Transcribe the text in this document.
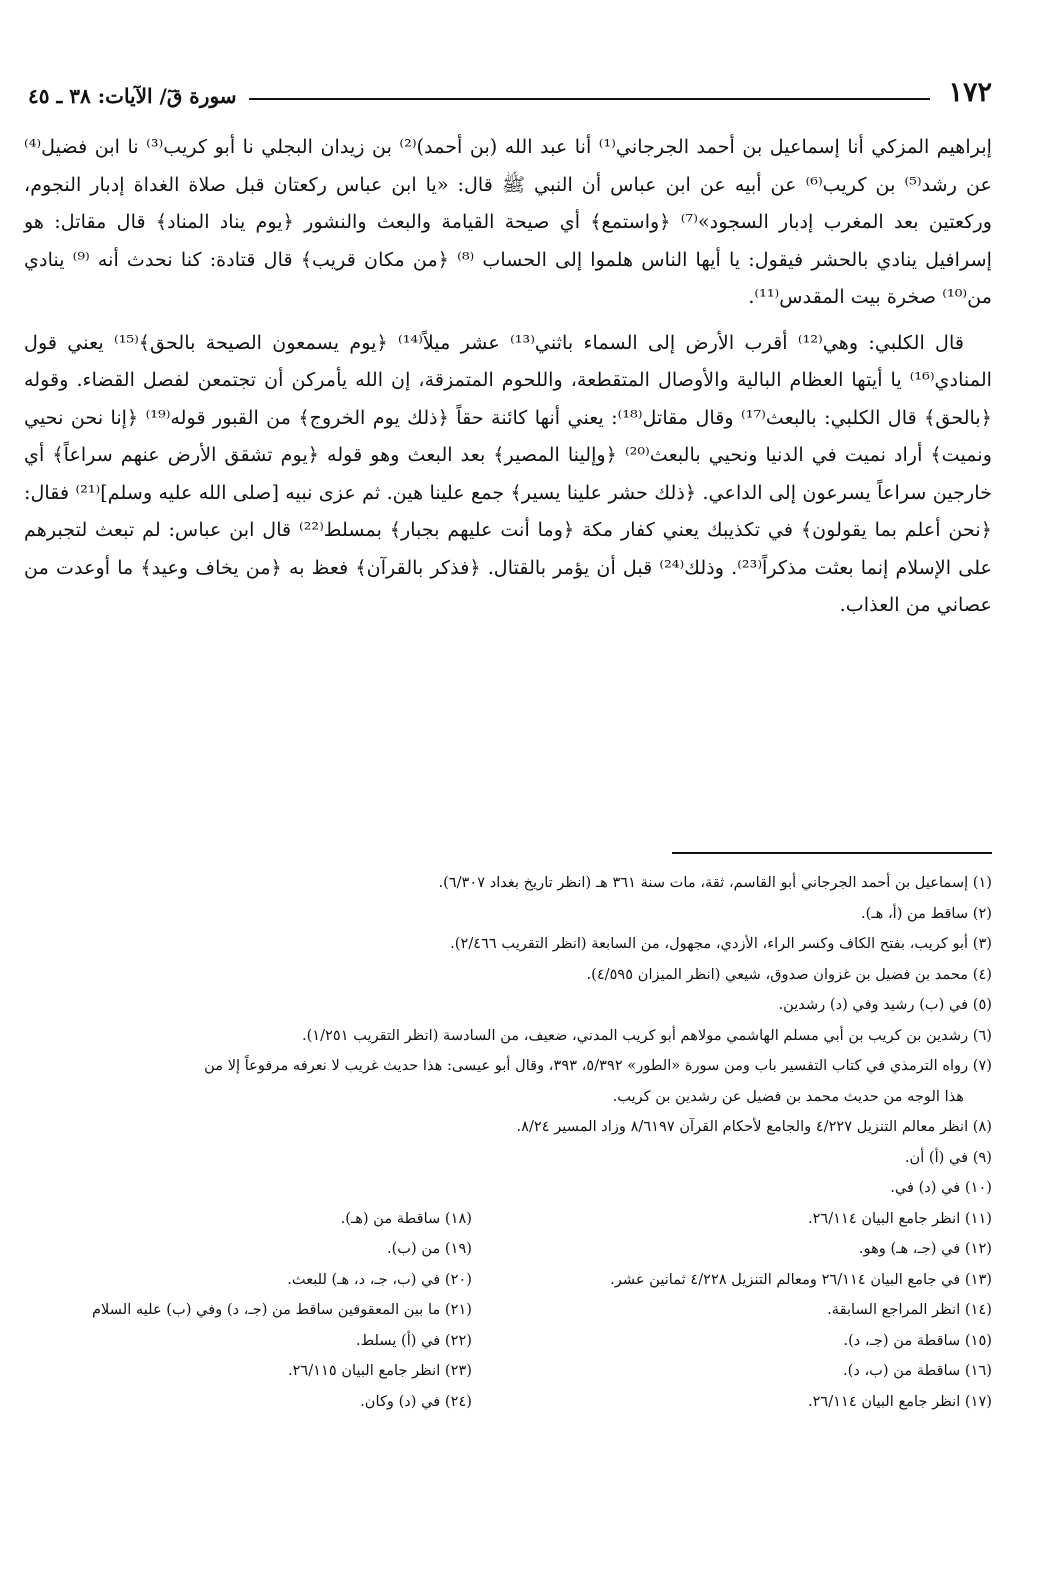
١٧٢
سورة قٓ/ الآيات: ٣٨ ـ ٤٥

إبراهيم المزكي أنا إسماعيل بن أحمد الجرجاني⁽¹⁾ أنا عبد الله (بن أحمد)⁽²⁾ بن زيدان البجلي نا أبو كريب⁽³⁾ نا ابن فضيل⁽⁴⁾ عن رشد⁽⁵⁾ بن كريب⁽⁶⁾ عن أبيه عن ابن عباس أن النبي ﷺ قال: «يا ابن عباس ركعتان قبل صلاة الغداة إدبار النجوم، وركعتين بعد المغرب إدبار السجود»⁽⁷⁾ ﴿واستمع﴾ أي صيحة القيامة والبعث والنشور ﴿يوم يناد المناد﴾ قال مقاتل: هو إسرافيل ينادي بالحشر فيقول: يا أيها الناس هلموا إلى الحساب ⁽⁸⁾ ﴿من مكان قريب﴾ قال قتادة: كنا نحدث أنه ⁽⁹⁾ ينادي من⁽¹⁰⁾ صخرة بيت المقدس⁽¹¹⁾.

قال الكلبي: وهي⁽¹²⁾ أقرب الأرض إلى السماء باثني⁽¹³⁾ عشر ميلاً⁽¹⁴⁾ ﴿يوم يسمعون الصيحة بالحق﴾⁽¹⁵⁾ يعني قول المنادي⁽¹⁶⁾ يا أيتها العظام البالية والأوصال المتقطعة، واللحوم المتمزقة، إن الله يأمركن أن تجتمعن لفصل القضاء. وقوله ﴿بالحق﴾ قال الكلبي: بالبعث⁽¹⁷⁾ وقال مقاتل⁽¹⁸⁾: يعني أنها كائنة حقاً ﴿ذلك يوم الخروج﴾ من القبور قوله⁽¹⁹⁾ ﴿إنا نحن نحيي ونميت﴾ أراد نميت في الدنيا ونحيي بالبعث⁽²⁰⁾ ﴿وإلينا المصير﴾ بعد البعث وهو قوله ﴿يوم تشقق الأرض عنهم سراعاً﴾ أي خارجين سراعاً يسرعون إلى الداعي. ﴿ذلك حشر علينا يسير﴾ جمع علينا هين. ثم عزى نبيه [صلى الله عليه وسلم]⁽²¹⁾ فقال: ﴿نحن أعلم بما يقولون﴾ في تكذيبك يعني كفار مكة ﴿وما أنت عليهم بجبار﴾ بمسلط⁽²²⁾ قال ابن عباس: لم تبعث لتجبرهم على الإسلام إنما بعثت مذكراً⁽²³⁾. وذلك⁽²⁴⁾ قبل أن يؤمر بالقتال. ﴿فذكر بالقرآن﴾ فعظ به ﴿من يخاف وعيد﴾ ما أوعدت من عصاني من العذاب.

(١) إسماعيل بن أحمد الجرجاني أبو القاسم، ثقة، مات سنة ٣٦١ هـ (انظر تاريخ بغداد ٦/٣٠٧).
(٢) ساقط من (أ، هـ).
(٣) أبو كريب، بفتح الكاف وكسر الراء، الأزدي، مجهول، من السابعة (انظر التقريب ٢/٤٦٦).
(٤) محمد بن فضيل بن غزوان صدوق، شيعي (انظر الميزان ٤/٥٩٥).
(٥) في (ب) رشيد وفي (د) رشدين.
(٦) رشدين بن كريب بن أبي مسلم الهاشمي مولاهم أبو كريب المدني، ضعيف، من السادسة (انظر التقريب ١/٢٥١).
(٧) رواه الترمذي في كتاب التفسير باب ومن سورة «الطور» ٥/٣٩٢، ٣٩٣، وقال أبو عيسى: هذا حديث غريب لا نعرفه مرفوعاً إلا من
هذا الوجه من حديث محمد بن فضيل عن رشدين بن كريب.
(٨) انظر معالم التنزيل ٤/٢٢٧ والجامع لأحكام القرآن ٨/٦١٩٧ وزاد المسير ٨/٢٤.
(٩) في (أ) أن.
(١٠) في (د) في.
(١١) انظر جامع البيان ٢٦/١١٤.
(١٢) في (جـ، هـ) وهو.
(١٣) في جامع البيان ٢٦/١١٤ ومعالم التنزيل ٤/٢٢٨ ثمانين عشر.
(١٤) انظر المراجع السابقة.
(١٥) ساقطة من (جـ، د).
(١٦) ساقطة من (ب، د).
(١٧) انظر جامع البيان ٢٦/١١٤.
(١٨) ساقطة من (هـ).
(١٩) من (ب).
(٢٠) في (ب، جـ، د، هـ) للبعث.
(٢١) ما بين المعقوفين ساقط من (جـ، د) وفي (ب) عليه السلام
(٢٢) في (أ) يسلط.
(٢٣) انظر جامع البيان ٢٦/١١٥.
(٢٤) في (د) وكان.
